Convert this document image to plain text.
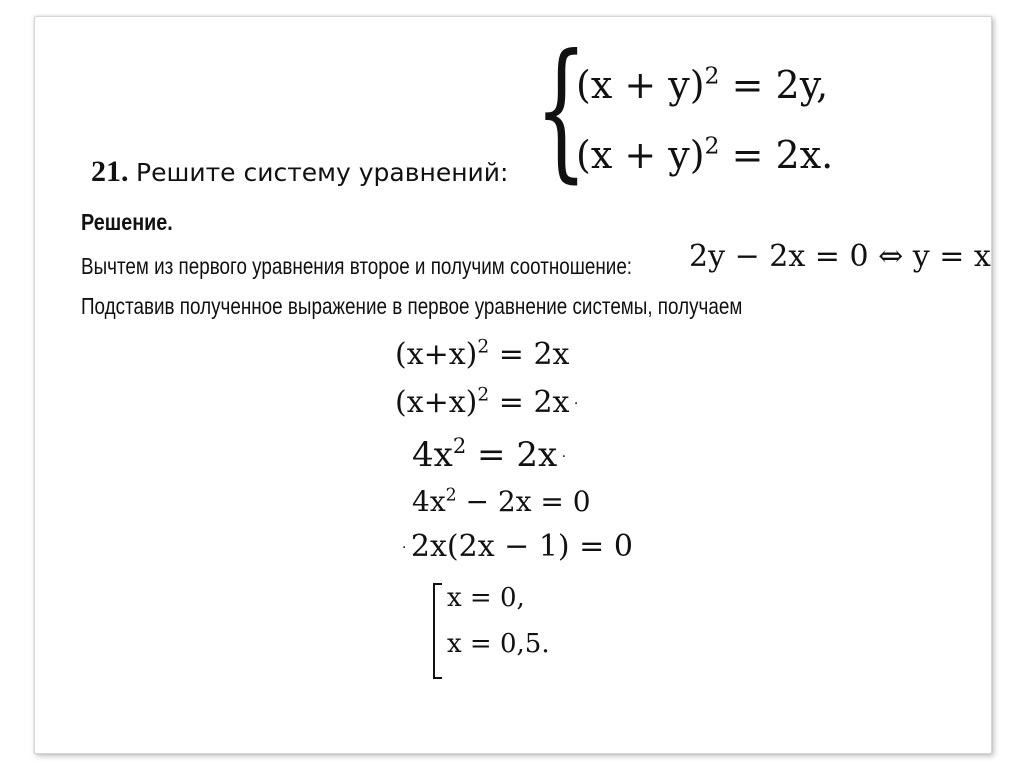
21. Решите систему уравнений: {
$(x + y)^2 = 2y$,
$(x + y)^2 = 2x$.
Решение.
Вычтем из первого уравнения второе и получим соотношение: 2y − 2x = 0 ⇔ y = x
Подставив полученное выражение в первое уравнение системы, получаем
$(x+x)^2 = 2x$
$(x+x)^2 = 2x$ ·
$4x^2 = 2x$ ·
$4x^2 - 2x = 0$
· 2x(2x − 1) = 0
x = 0,
x = 0,5.
